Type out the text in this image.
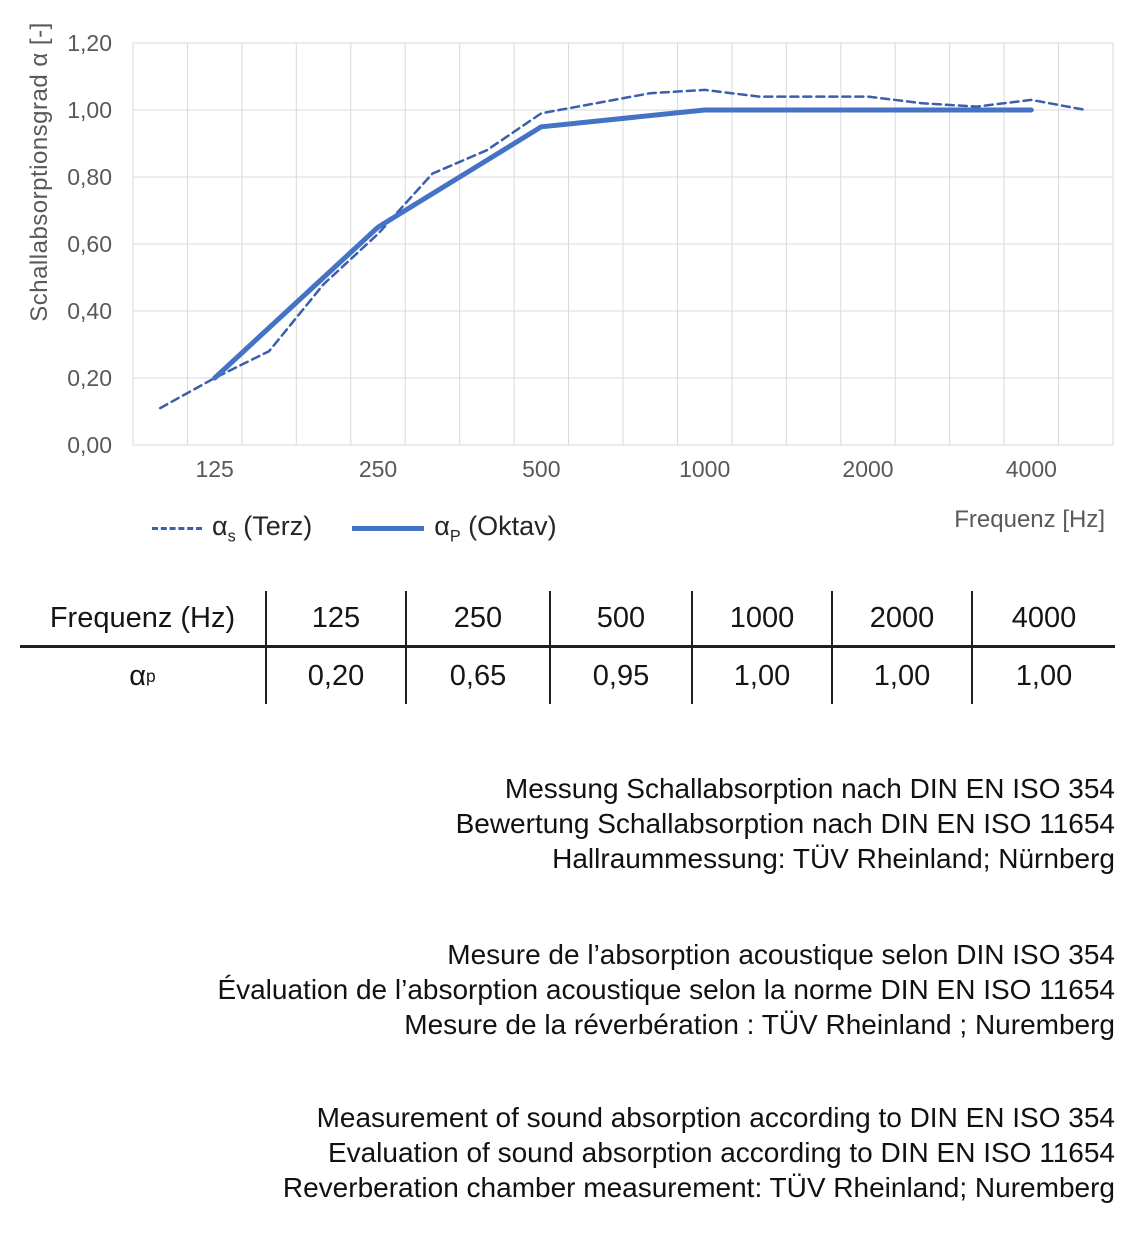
Schallabsorptionsgrad α [-]
0,00
0,20
0,40
0,60
0,80
1,00
1,20
125	250	500	1000	2000	4000
Frequenz [Hz]
$\alpha_s$ (Terz)	$\alpha_P$ (Oktav)
Frequenz (Hz)	125	250	500	1000	2000	4000
α p	0,20	0,65	0,95	1,00	1,00	1,00
Messung Schallabsorption nach DIN EN ISO 354
Bewertung Schallabsorption nach DIN EN ISO 11654
Hallraummessung: TÜV Rheinland; Nürnberg
Mesure de l’absorption acoustique selon DIN ISO 354
Évaluation de l’absorption acoustique selon la norme DIN EN ISO 11654
Mesure de la réverbération : TÜV Rheinland ; Nuremberg
Measurement of sound absorption according to DIN EN ISO 354
Evaluation of sound absorption according to DIN EN ISO 11654
Reverberation chamber measurement: TÜV Rheinland; Nuremberg
